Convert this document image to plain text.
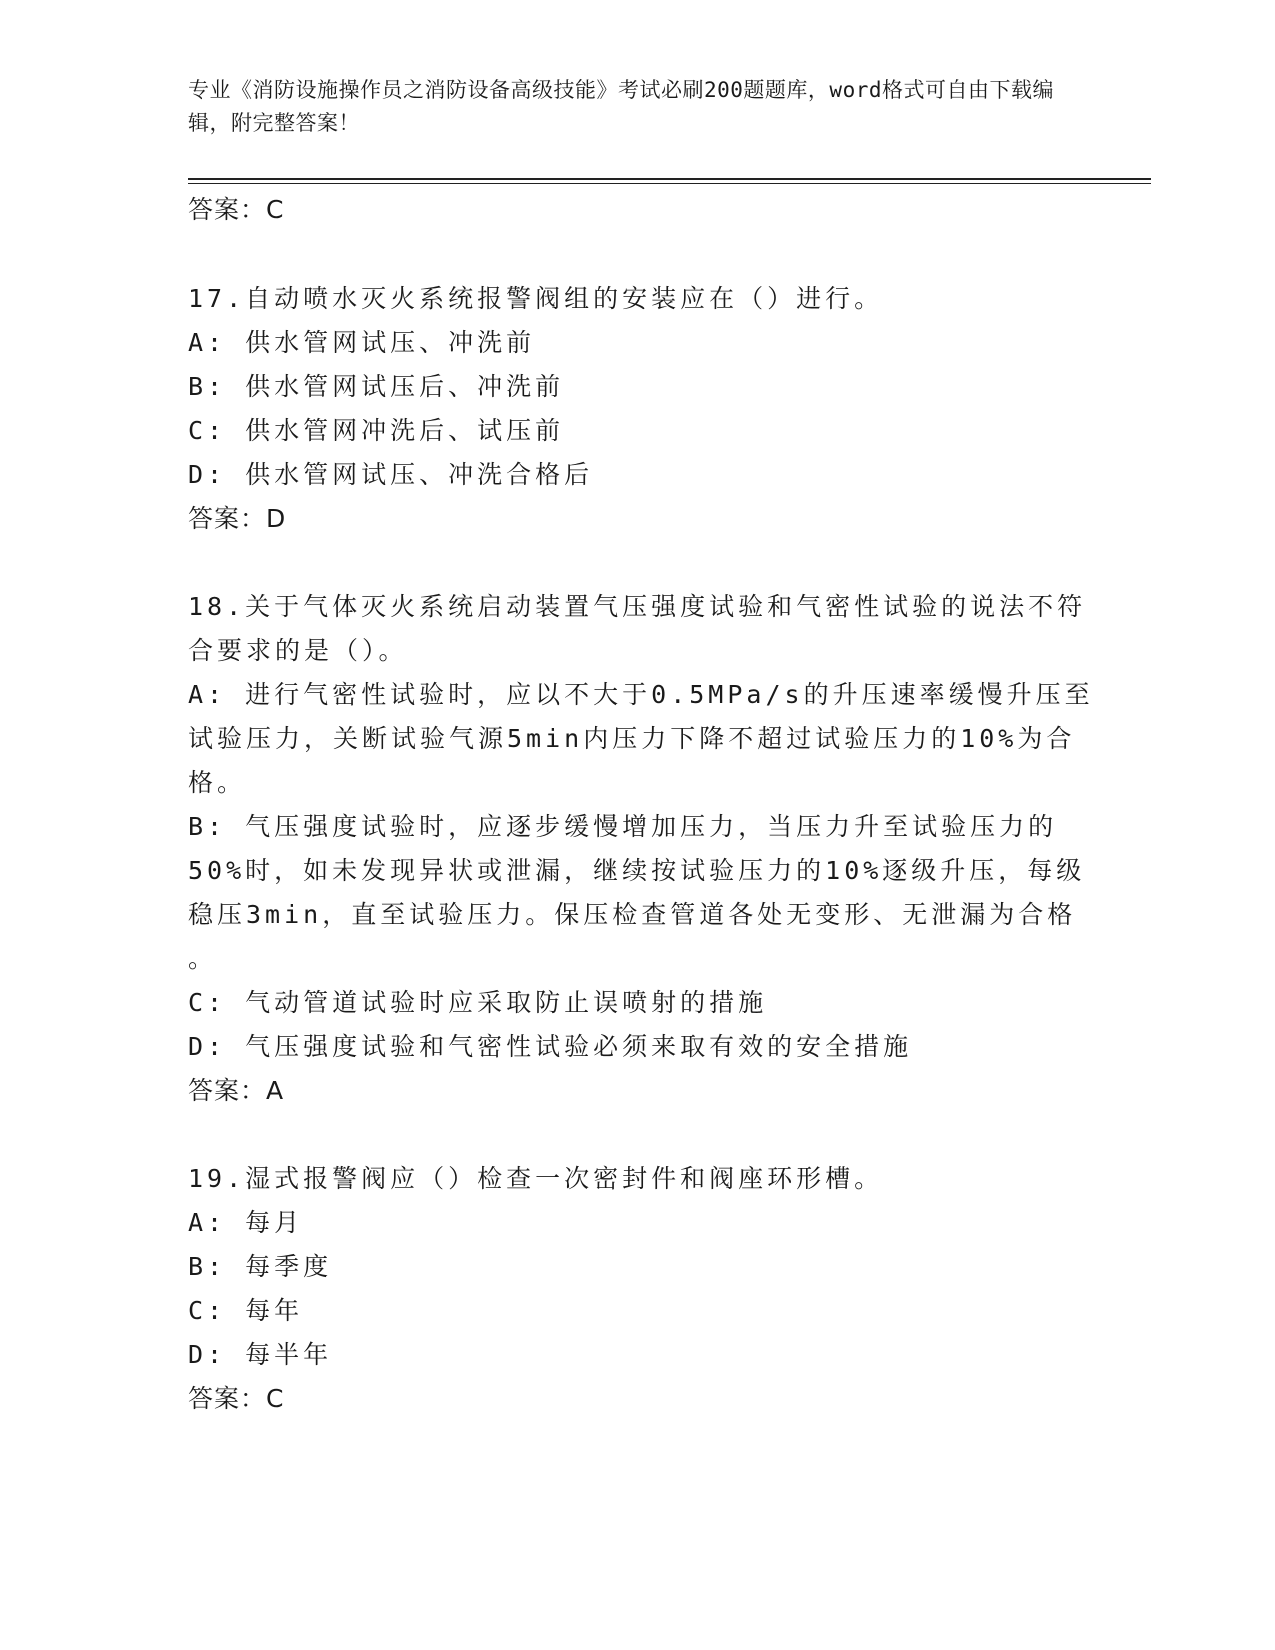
专业《消防设施操作员之消防设备高级技能》考试必刷200题题库，word格式可自由下载编辑，附完整答案！
答案：C
17.自动喷水灭火系统报警阀组的安装应在（）进行。
A: 供水管网试压、冲洗前
B: 供水管网试压后、冲洗前
C: 供水管网冲洗后、试压前
D: 供水管网试压、冲洗合格后
答案：D
18.关于气体灭火系统启动装置气压强度试验和气密性试验的说法不符
合要求的是（）。
A: 进行气密性试验时，应以不大于0.5MPa/s的升压速率缓慢升压至
试验压力，关断试验气源5min内压力下降不超过试验压力的10%为合
格。
B: 气压强度试验时，应逐步缓慢增加压力，当压力升至试验压力的
50%时，如未发现异状或泄漏，继续按试验压力的10%逐级升压，每级
稳压3min，直至试验压力。保压检查管道各处无变形、无泄漏为合格
。
C: 气动管道试验时应采取防止误喷射的措施
D: 气压强度试验和气密性试验必须来取有效的安全措施
答案：A
19.湿式报警阀应（）检查一次密封件和阀座环形槽。
A: 每月
B: 每季度
C: 每年
D: 每半年
答案：C
